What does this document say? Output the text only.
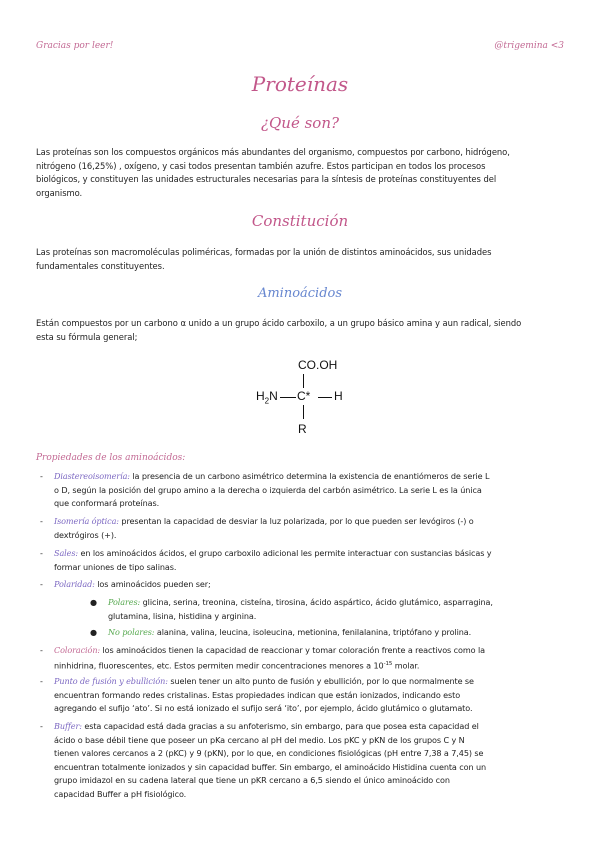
Gracias por leer!	@trigemina <3
Proteínas
¿Qué son?
Las proteínas son los compuestos orgánicos más abundantes del organismo, compuestos por carbono, hidrógeno,
nitrógeno (16,25%) , oxígeno, y casi todos presentan también azufre. Estos participan en todos los procesos
biológicos, y constituyen las unidades estructurales necesarias para la síntesis de proteínas constituyentes del
organismo.
Constitución
Las proteínas son macromoléculas poliméricas, formadas por la unión de distintos aminoácidos, sus unidades
fundamentales constituyentes.
Aminoácidos
Están compuestos por un carbono α unido a un grupo ácido carboxilo, a un grupo básico amina y aun radical, siendo
esta su fórmula general;
CO.OH
$H_2N$ C* H
R
Propiedades de los aminoácidos:
- Diastereoisomería: la presencia de un carbono asimétrico determina la existencia de enantiómeros de serie L
o D, según la posición del grupo amino a la derecha o izquierda del carbón asimétrico. La serie L es la única
que conformará proteínas.
- Isomería óptica: presentan la capacidad de desviar la luz polarizada, por lo que pueden ser levógiros (-) o
dextrógiros (+).
- Sales: en los aminoácidos ácidos, el grupo carboxilo adicional les permite interactuar con sustancias básicas y
formar uniones de tipo salinas.
- Polaridad: los aminoácidos pueden ser;
● Polares: glicina, serina, treonina, cisteína, tirosina, ácido aspártico, ácido glutámico, asparragina,
glutamina, lisina, histidina y arginina.
● No polares: alanina, valina, leucina, isoleucina, metionina, fenilalanina, triptófano y prolina.
- Coloración: los aminoácidos tienen la capacidad de reaccionar y tomar coloración frente a reactivos como la
ninhidrina, fluorescentes, etc. Estos permiten medir concentraciones menores a $10^{-15}$ molar.
- Punto de fusión y ebullición: suelen tener un alto punto de fusión y ebullición, por lo que normalmente se
encuentran formando redes cristalinas. Estas propiedades indican que están ionizados, indicando esto
agregando el sufijo ‘ato’. Si no está ionizado el sufijo será ‘ito’, por ejemplo, ácido glutámico o glutamato.
- Buffer: esta capacidad está dada gracias a su anfoterismo, sin embargo, para que posea esta capacidad el
ácido o base débil tiene que poseer un pKa cercano al pH del medio. Los pKC y pKN de los grupos C y N
tienen valores cercanos a 2 (pKC) y 9 (pKN), por lo que, en condiciones fisiológicas (pH entre 7,38 a 7,45) se
encuentran totalmente ionizados y sin capacidad buffer. Sin embargo, el aminoácido Histidina cuenta con un
grupo imidazol en su cadena lateral que tiene un pKR cercano a 6,5 siendo el único aminoácido con
capacidad Buffer a pH fisiológico.
